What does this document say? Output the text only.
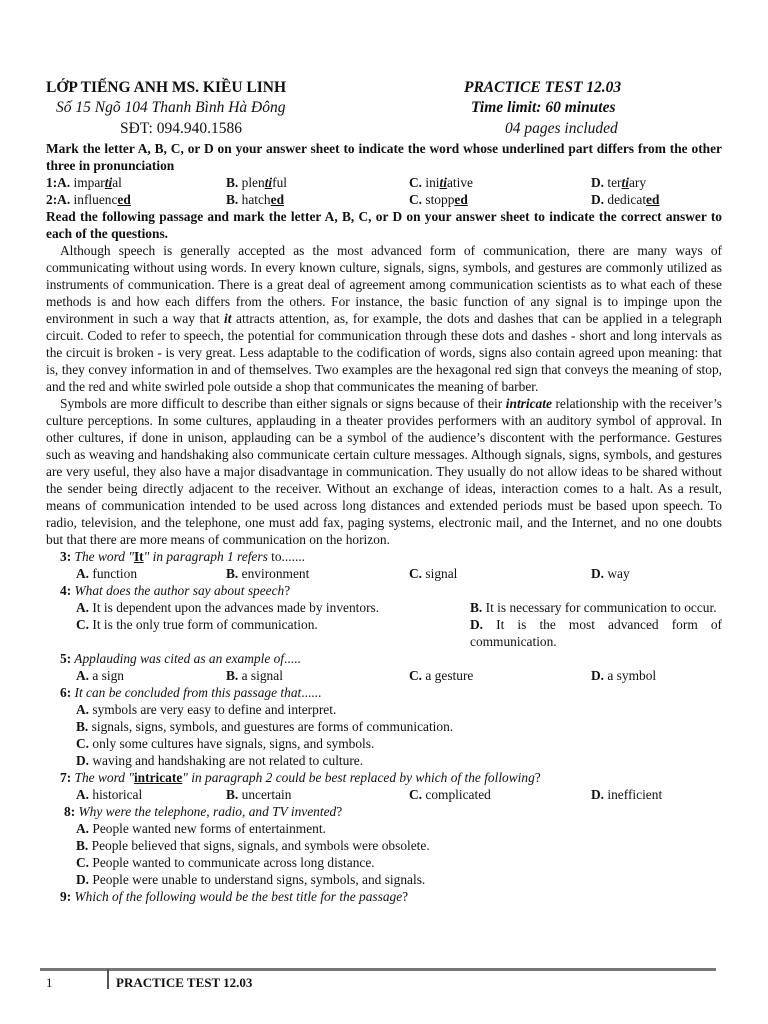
LỚP TIẾNG ANH MS. KIỀU LINH
Số 15 Ngõ 104 Thanh Bình Hà Đông
SĐT: 094.940.1586
PRACTICE TEST 12.03
Time limit: 60 minutes
04 pages included
Mark the letter A, B, C, or D on your answer sheet to indicate the word whose underlined part differs from the other three in pronunciation
1:A. impartial	B. plentiful	C. initiative	D. tertiary
2:A. influenced	B. hatched	C. stopped	D. dedicated
Read the following passage and mark the letter A, B, C, or D on your answer sheet to indicate the correct answer to each of the questions.
Although speech is generally accepted as the most advanced form of communication, there are many ways of communicating without using words. In every known culture, signals, signs, symbols, and gestures are commonly utilized as instruments of communication. There is a great deal of agreement among communication scientists as to what each of these methods is and how each differs from the others. For instance, the basic function of any signal is to impinge upon the environment in such a way that it attracts attention, as, for example, the dots and dashes that can be applied in a telegraph circuit. Coded to refer to speech, the potential for communication through these dots and dashes - short and long intervals as the circuit is broken - is very great. Less adaptable to the codification of words, signs also contain agreed upon meaning: that is, they convey information in and of themselves. Two examples are the hexagonal red sign that conveys the meaning of stop, and the red and white swirled pole outside a shop that communicates the meaning of barber.
Symbols are more difficult to describe than either signals or signs because of their intricate relationship with the receiver’s culture perceptions. In some cultures, applauding in a theater provides performers with an auditory symbol of approval. In other cultures, if done in unison, applauding can be a symbol of the audience’s discontent with the performance. Gestures such as weaving and handshaking also communicate certain culture messages. Although signals, signs, symbols, and gestures are very useful, they also have a major disadvantage in communication. They usually do not allow ideas to be shared without the sender being directly adjacent to the receiver. Without an exchange of ideas, interaction comes to a halt. As a result, means of communication intended to be used across long distances and extended periods must be based upon speech. To radio, television, and the telephone, one must add fax, paging systems, electronic mail, and the Internet, and no one doubts but that there are more means of communication on the horizon.
3: The word "It" in paragraph 1 refers to.......
A. function	B. environment	C. signal	D. way
4: What does the author say about speech?
A. It is dependent upon the advances made by inventors.	B. It is necessary for communication to occur.
C. It is the only true form of communication.	D. It is the most advanced form of communication.
5: Applauding was cited as an example of.....
A. a sign	B. a signal	C. a gesture	D. a symbol
6: It can be concluded from this passage that......
A. symbols are very easy to define and interpret.
B. signals, signs, symbols, and guestures are forms of communication.
C. only some cultures have signals, signs, and symbols.
D. waving and handshaking are not related to culture.
7: The word "intricate" in paragraph 2 could be best replaced by which of the following?
A. historical	B. uncertain	C. complicated	D. inefficient
8: Why were the telephone, radio, and TV invented?
A. People wanted new forms of entertainment.
B. People believed that signs, signals, and symbols were obsolete.
C. People wanted to communicate across long distance.
D. People were unable to understand signs, symbols, and signals.
9: Which of the following would be the best title for the passage?
1	PRACTICE TEST 12.03
